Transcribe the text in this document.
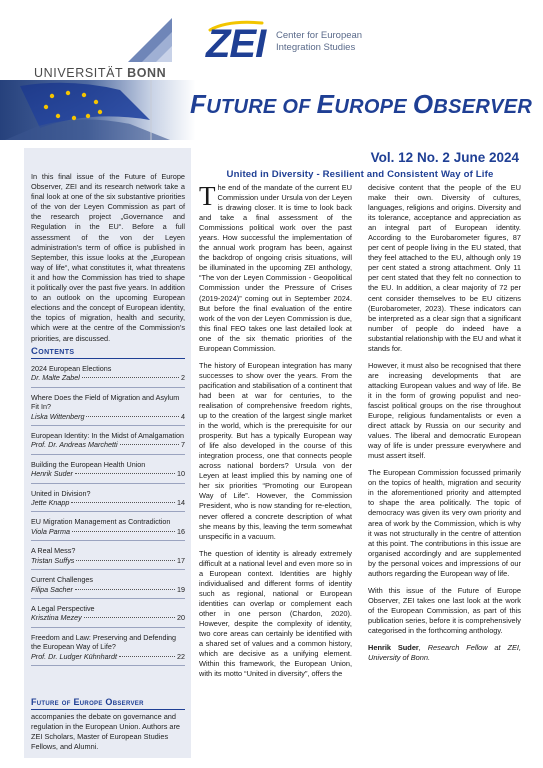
UNIVERSITÄT BONN
ZEI Center for European
Integration Studies
FUTURE OF EUROPE OBSERVER
Vol. 12 No. 2 June 2024
In this final issue of the Future of Europe Observer, ZEI and its research network take a final look at one of the six substantive priorities of the von der Leyen Commission as part of the research project „Governance and Regulation in the EU“. Before a full assessment of the von der Leyen administration’s term of office is published in September, this issue looks at the „European way of life“, what constitutes it, what threatens it and how the Commission has tried to shape it politically over the past five years. In addition to an outlook on the upcoming European elections and the concept of European identity, the topics of migration, health and security, which were at the centre of the Commission’s priorities, are discussed.
Contents
2024 European Elections
Dr. Malte Zabel	2
Where Does the Field of Migration and Asylum Fit In?
Liska Wittenberg	4
European Identity: In the Midst of Amalgamation
Prof. Dr. Andreas Marchetti	7
Building the European Health Union
Henrik Suder	10
United in Division?
Jette Knapp	14
EU Migration Management as Contradiction
Viola Parma	16
A Real Mess?
Tristan Suffys	17
Current Challenges
Filipa Sacher	19
A Legal Perspective
Krisztina Mezey	20
Freedom and Law: Preserving and Defending the European Way of Life?
Prof. Dr. Ludger Kühnhardt	22
Future of Europe Observer
accompanies the debate on governance and regulation in the European Union. Authors are ZEI Scholars, Master of European Studies Fellows, and Alumni.
United in Diversity - Resilient and Consistent Way of Life

The end of the mandate of the current EU Commission under Ursula von der Leyen is drawing closer. It is time to look back and take a final assessment of the Commissions political work over the past years. How successful the implementation of the annual work program has been, against the backdrop of ongoing crisis situations, will be illuminated in the upcoming ZEI anthology, “The von der Leyen Commission - Geopolitical Commission under the Pressure of Crises (2019-2024)” coming out in September 2024. But before the final evaluation of the entire work of the von der Leyen Commission is due, this final FEO takes one last detailed look at one of the six thematic priorities of the European Commission.

The history of European integration has many successes to show over the years. From the pacification and stabilisation of a continent that had been at war for centuries, to the realisation of comprehensive freedom rights, up to the creation of the largest single market in the world, which is the prerequisite for our prosperity. But has a typically European way of life also developed in the course of this integration process, one that connects people across national borders? Ursula von der Leyen at least implied this by naming one of her six priorities “Promoting our European Way of Life”. However, the Commission President, who is now standing for re-election, never offered a concrete description of what she means by this, leaving the term somewhat unspecific in a vacuum.

The question of identity is already extremely difficult at a national level and even more so in a European context. Identities are highly individualised and different forms of identity such as regional, national or European identities can overlap or complement each other in one person (Chardon, 2020). However, despite the complexity of identity, two core areas can certainly be identified with a shared set of values and a common history, which are decisive as a unifying element. Within this framework, the European Union, with its motto “United in diversity”, offers the

decisive content that the people of the EU make their own. Diversity of cultures, languages, religions and origins. Diversity and its tolerance, acceptance and appreciation as an integral part of European identity. According to the Eurobarometer figures, 87 per cent of people living in the EU stated, that they feel attached to the EU, although only 19 per cent stated a strong attachment. Only 11 per cent stated that they felt no connection to the EU. In addition, a clear majority of 72 per cent consider themselves to be EU citizens (Eurobarometer, 2023). These indicators can be interpreted as a clear sign that a significant number of people do indeed have a substantial relationship with the EU and what it stands for.

However, it must also be recognised that there are increasing developments that are attacking European values and way of life. Be it in the form of growing populist and neo-fascist political groups on the rise throughout Europe, religious fundamentalists or even a direct attack by Russia on our security and values. The liberal and democratic European way of life is under pressure everywhere and must assert itself.

The European Commission focussed primarily on the topics of health, migration and security in the aforementioned priority and attempted to shape the area politically. The topic of democracy was given its very own priority and area of work by the Commission, which is why it was not structurally in the centre of attention at this point. The contributions in this issue are organised accordingly and are supplemented by the personal voices and impressions of our authors regarding the European way of life.

With this issue of the Future of Europe Observer, ZEI takes one last look at the work of the European Commission, as part of this publication series, before it is comprehensively categorised in the forthcoming anthology.

Henrik Suder, Research Fellow at ZEI, University of Bonn.
